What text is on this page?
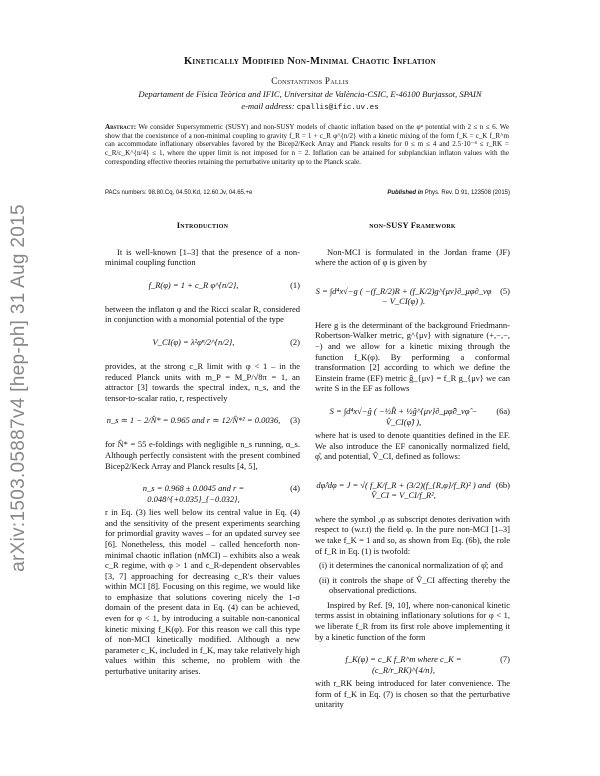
arXiv:1503.05887v4 [hep-ph] 31 Aug 2015
Kinetically Modified Non-Minimal Chaotic Inflation
Constantinos Pallis
Departament de Física Teòrica and IFIC, Universitat de València-CSIC, E-46100 Burjassot, SPAIN
e-mail address: cpallis@ific.uv.es
Abstract: We consider Supersymmetric (SUSY) and non-SUSY models of chaotic inflation based on the φⁿ potential with 2 ≤ n ≤ 6. We show that the coexistence of a non-minimal coupling to gravity f_R = 1 + c_R φ^{n/2} with a kinetic mixing of the form f_K = c_K f_R^m can accommodate inflationary observables favored by the Bicep2/Keck Array and Planck results for 0 ≤ m ≤ 4 and 2.5·10⁻⁴ ≤ r_RK = c_R/c_K^{n/4} ≤ 1, where the upper limit is not imposed for n = 2. Inflation can be attained for subplanckian inflaton values with the corresponding effective theories retaining the perturbative unitarity up to the Planck scale.
PACs numbers: 98.80.Cq, 04.50.Kd, 12.60.Jv, 04.65.+e	Published in Phys. Rev. D 91, 123508 (2015)
Introduction

It is well-known [1–3] that the presence of a non-minimal coupling function

f_R(φ) = 1 + c_R φ^{n/2},	(1)

between the inflaton φ and the Ricci scalar R, considered in conjunction with a monomial potential of the type

V_CI(φ) = λ²φⁿ/2^{n/2},	(2)

provides, at the strong c_R limit with φ < 1 – in the reduced Planck units with m_P = M_P/√8π = 1, an attractor [3] towards the spectral index, n_s, and the tensor-to-scalar ratio, r, respectively

n_s ≃ 1 − 2/N̂* = 0.965 and r ≃ 12/N̂*² = 0.0036, (3)

for N̂* = 55 e-foldings with negligible n_s running, α_s. Although perfectly consistent with the present combined Bicep2/Keck Array and Planck results [4, 5],

n_s = 0.968 ± 0.0045 and r = 0.048^{+0.035}_{−0.032},
(4)

r in Eq. (3) lies well below its central value in Eq. (4) and the sensitivity of the present experiments searching for primordial gravity waves – for an updated survey see [6]. Nonetheless, this model – called henceforth non-minimal chaotic inflation (nMCI) – exhibits also a weak c_R regime, with φ > 1 and c_R-dependent observables [3, 7] approaching for decreasing c_R's their values within MCI [8]. Focusing on this regime, we would like to emphasize that solutions covering nicely the 1-σ domain of the present data in Eq. (4) can be achieved, even for φ < 1, by introducing a suitable non-canonical kinetic mixing f_K(φ). For this reason we call this type of non-MCI kinetically modified. Although a new parameter c_K, included in f_K, may take relatively high values within this scheme, no problem with the perturbative unitarity arises.

non-SUSY Framework

Non-MCI is formulated in the Jordan frame (JF) where the action of φ is given by

S = ∫d⁴x√−g ( −(f_R/2)R + (f_K/2)g^{μν}∂_μφ∂_νφ − V_CI(φ) ).
(5)

Here g is the determinant of the background Friedmann-Robertson-Walker metric, g^{μν} with signature (+,−,−,−) and we allow for a kinetic mixing through the function f_K(φ). By performing a conformal transformation [2] according to which we define the Einstein frame (EF) metric ĝ_{μν} = f_R g_{μν} we can write S in the EF as follows

S = ∫d⁴x√−ĝ ( −½R̂ + ½ĝ^{μν}∂_μφ̂∂_νφ̂ − V̂_CI(φ̂) ),
(6a)

where hat is used to denote quantities defined in the EF. We also introduce the EF canonically normalized field, φ̂, and potential, V̂_CI, defined as follows:

dφ̂/dφ = J = √( f_K/f_R + (3/2)(f_{R,φ}/f_R)² ) and V̂_CI = V_CI/f_R²,
(6b)

where the symbol ,φ as subscript denotes derivation with respect to (w.r.t) the field φ. In the pure non-MCI [1–3] we take f_K = 1 and so, as shown from Eq. (6b), the role of f_R in Eq. (1) is twofold:

(i) it determines the canonical normalization of φ̂; and
(ii) it controls the shape of V̂_CI affecting thereby the observational predictions.

Inspired by Ref. [9, 10], where non-canonical kinetic terms assist in obtaining inflationary solutions for φ < 1, we liberate f_R from its first role above implementing it by a kinetic function of the form

f_K(φ) = c_K f_R^m where c_K = (c_R/r_RK)^{4/n},
(7)

with r_RK being introduced for later convenience. The form of f_K in Eq. (7) is chosen so that the perturbative unitarity
